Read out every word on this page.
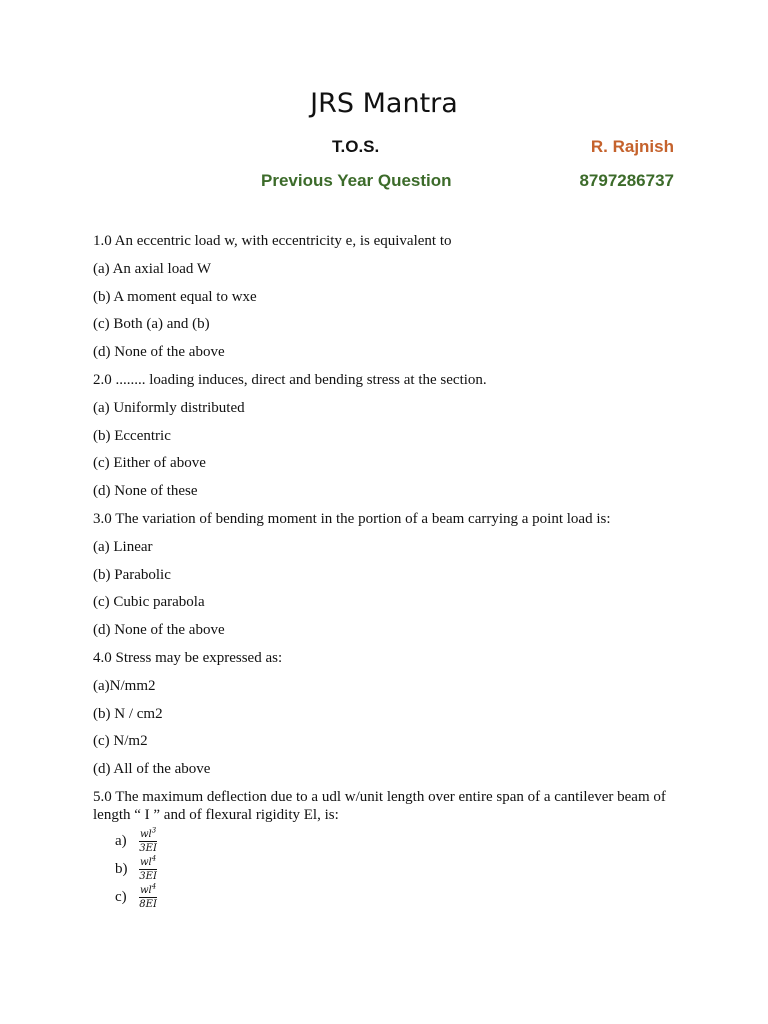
JRS Mantra
T.O.S.	R. Rajnish
Previous Year Question	8797286737
1.0 An eccentric load w, with eccentricity e, is equivalent to
(a) An axial load W
(b) A moment equal to wxe
(c) Both (a) and (b)
(d) None of the above
2.0 ........ loading induces, direct and bending stress at the section.
(a) Uniformly distributed
(b) Eccentric
(c) Either of above
(d) None of these
3.0 The variation of bending moment in the portion of a beam carrying a point load is:
(a) Linear
(b) Parabolic
(c) Cubic parabola
(d) None of the above
4.0 Stress may be expressed as:
(a)N/mm2
(b) N / cm2
(c) N/m2
(d) All of the above
5.0 The maximum deflection due to a udl w/unit length over entire span of a cantilever beam of length “ I ” and of flexural rigidity El, is:
a)	$\frac{wl^3}{3EI}$
b)	$\frac{wl^4}{3EI}$
c)	$\frac{wl^4}{8EI}$
